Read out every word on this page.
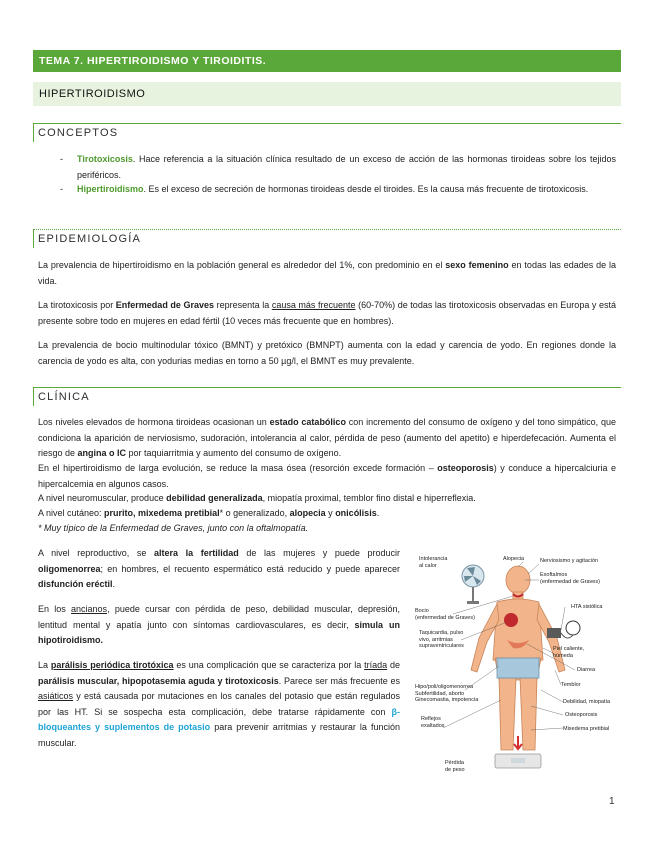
TEMA 7. HIPERTIROIDISMO Y TIROIDITIS.
HIPERTIROIDISMO
CONCEPTOS
- Tirotoxicosis. Hace referencia a la situación clínica resultado de un exceso de acción de las hormonas tiroideas sobre los tejidos periféricos.
- Hipertiroidismo. Es el exceso de secreción de hormonas tiroideas desde el tiroides. Es la causa más frecuente de tirotoxicosis.
EPIDEMIOLOGÍA
La prevalencia de hipertiroidismo en la población general es alrededor del 1%, con predominio en el sexo femenino en todas las edades de la vida.
La tirotoxicosis por Enfermedad de Graves representa la causa más frecuente (60-70%) de todas las tirotoxicosis observadas en Europa y está presente sobre todo en mujeres en edad fértil (10 veces más frecuente que en hombres).
La prevalencia de bocio multinodular tóxico (BMNT) y pretóxico (BMNPT) aumenta con la edad y carencia de yodo. En regiones donde la carencia de yodo es alta, con yodurias medias en torno a 50 µg/l, el BMNT es muy prevalente.
CLÍNICA
Los niveles elevados de hormona tiroideas ocasionan un estado catabólico con incremento del consumo de oxígeno y del tono simpático, que condiciona la aparición de nerviosismo, sudoración, intolerancia al calor, pérdida de peso (aumento del apetito) e hiperdefecación. Aumenta el riesgo de angina o IC por taquiarritmia y aumento del consumo de oxígeno.
En el hipertiroidismo de larga evolución, se reduce la masa ósea (resorción excede formación – osteoporosis) y conduce a hipercalciuria e hipercalcemia en algunos casos.
A nivel neuromuscular, produce debilidad generalizada, miopatía proximal, temblor fino distal e hiperreflexia.
A nivel cutáneo: prurito, mixedema pretibial* o generalizado, alopecia y onicólisis.
* Muy típico de la Enfermedad de Graves, junto con la oftalmopatía.
A nivel reproductivo, se altera la fertilidad de las mujeres y puede producir oligomenorrea; en hombres, el recuento espermático está reducido y puede aparecer disfunción eréctil.
En los ancianos, puede cursar con pérdida de peso, debilidad muscular, depresión, lentitud mental y apatía junto con síntomas cardiovasculares, es decir, simula un hipotiroidismo.
La parálisis periódica tirotóxica es una complicación que se caracteriza por la tríada de parálisis muscular, hipopotasemia aguda y tirotoxicosis. Parece ser más frecuente es asiáticos y está causada por mutaciones en los canales del potasio que están regulados por las HT. Si se sospecha esta complicación, debe tratarse rápidamente con β-bloqueantes y suplementos de potasio para prevenir arritmias y restaurar la función muscular.
Intolerancia
al calor
Alopecia	Nerviosismo y agitación
Exoftalmos
(enfermedad de Graves)
Bocio
(enfermedad de Graves)
HTA sistólica
Taquicardia, pulso
vivo, arritmias
supraventriculares	Piel caliente,
húmeda
Diarrea
Temblor
Hipo/poli/oligomenorrea
Subfertilidad, aborto
Ginecomastia, impotencia	Debilidad, miopatía
Reflejos
exaltados
Osteoporosis
Mixedema pretibial
Pérdida
de peso
1
